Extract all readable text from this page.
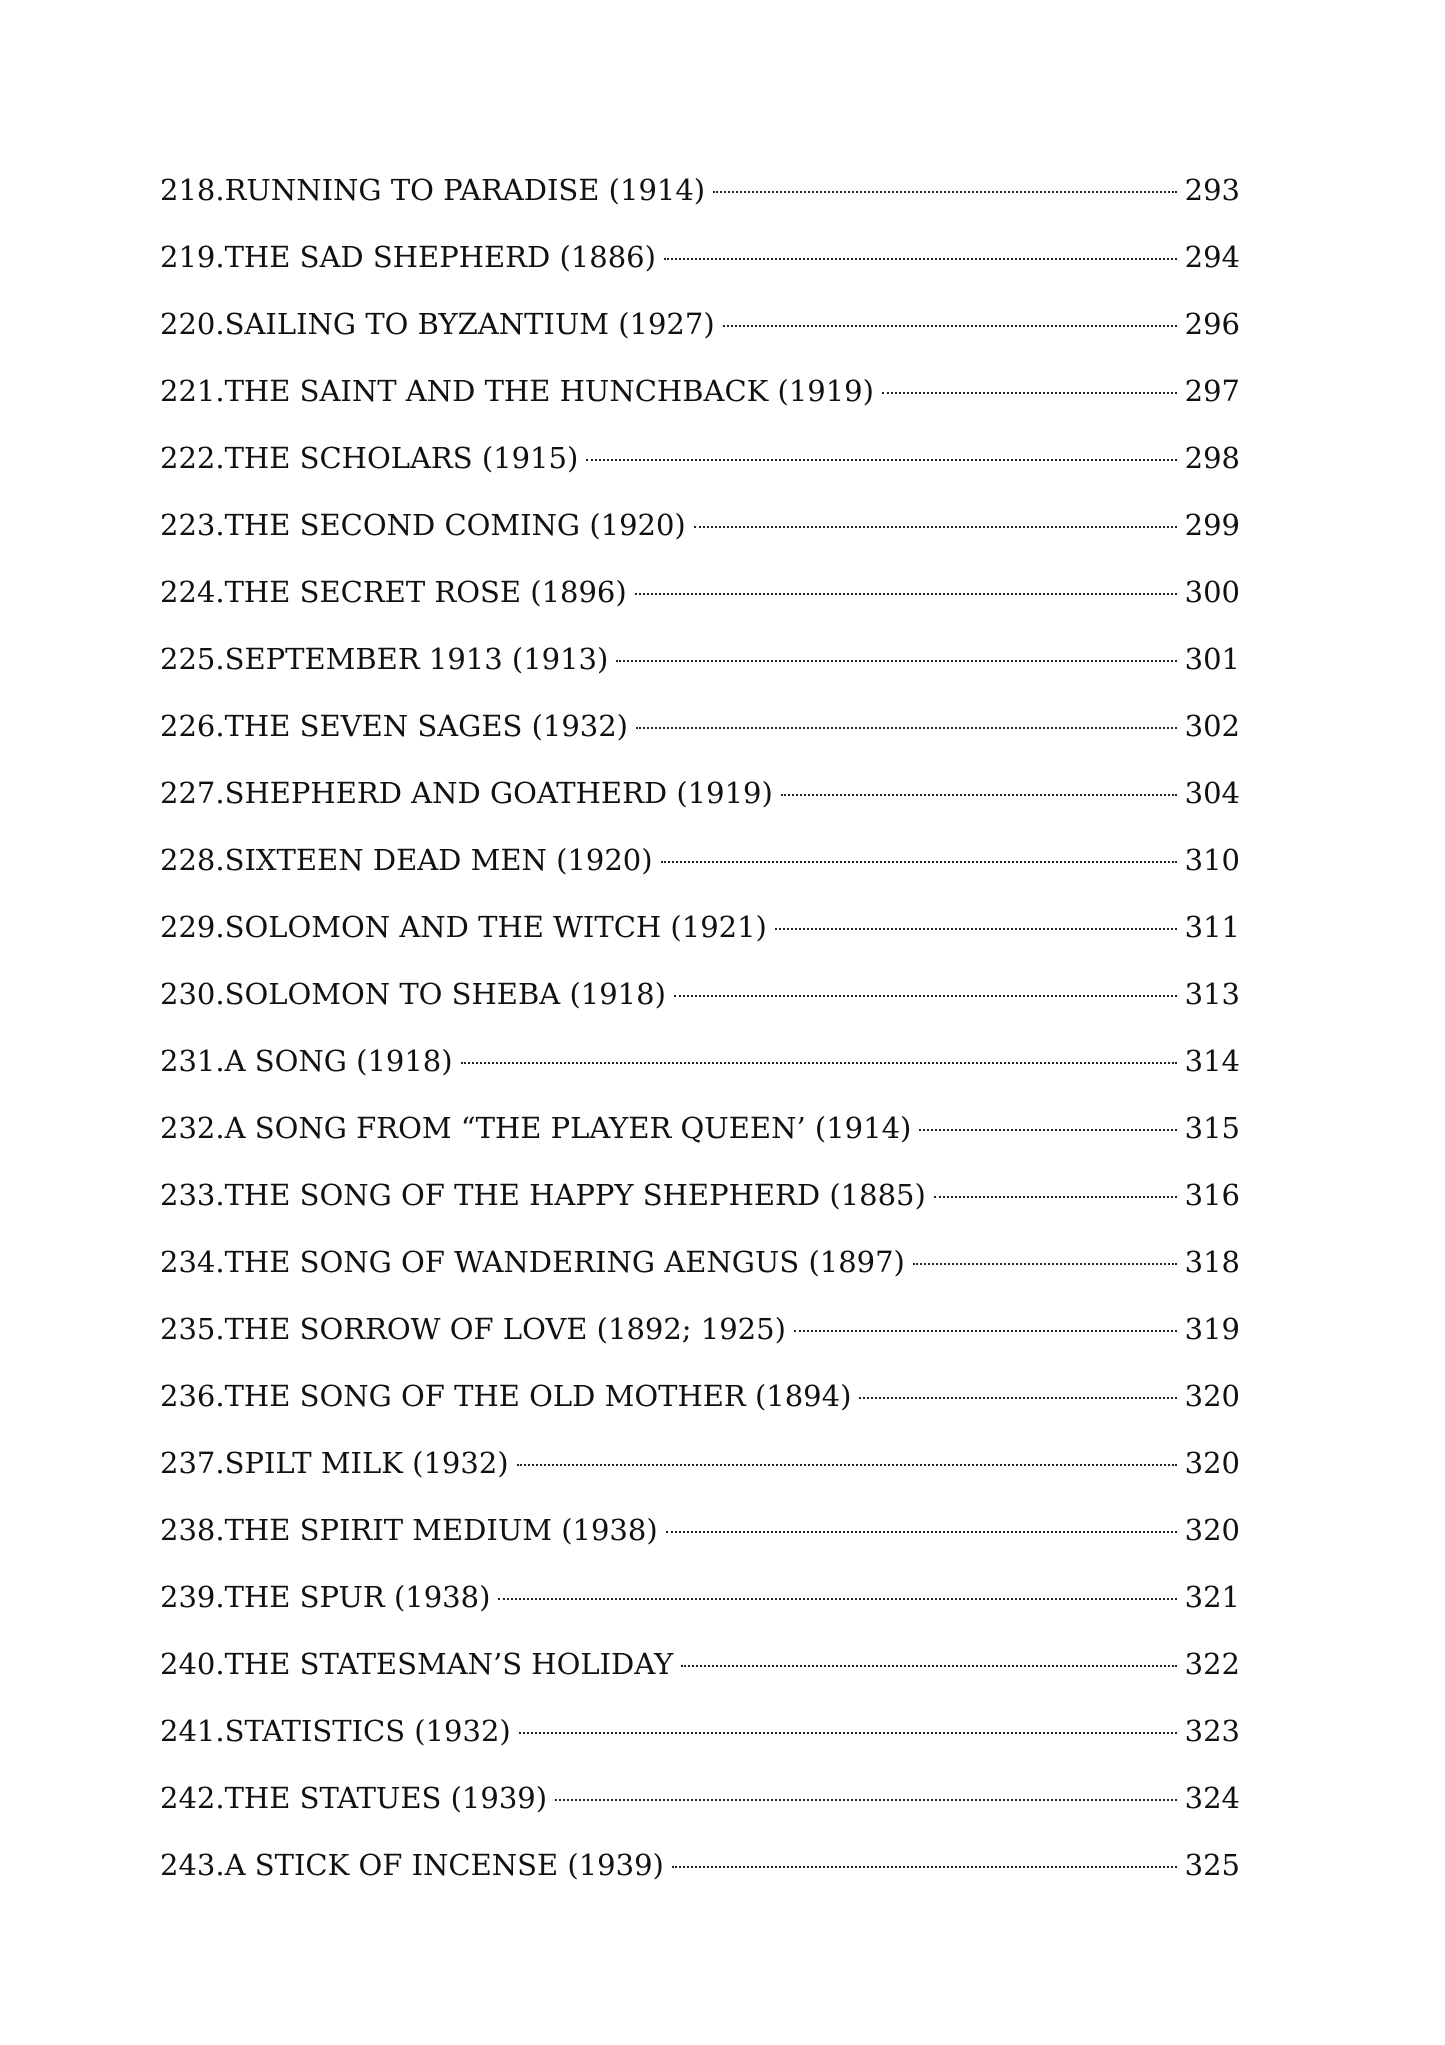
218. RUNNING TO PARADISE (1914)	293
219. THE SAD SHEPHERD (1886)	294
220. SAILING TO BYZANTIUM (1927)	296
221. THE SAINT AND THE HUNCHBACK (1919)	297
222. THE SCHOLARS (1915)	298
223. THE SECOND COMING (1920)	299
224. THE SECRET ROSE (1896)	300
225. SEPTEMBER 1913 (1913)	301
226. THE SEVEN SAGES (1932)	302
227. SHEPHERD AND GOATHERD (1919)	304
228. SIXTEEN DEAD MEN (1920)	310
229. SOLOMON AND THE WITCH (1921)	311
230. SOLOMON TO SHEBA (1918)	313
231. A SONG (1918)	314
232. A SONG FROM “THE PLAYER QUEEN’ (1914)	315
233. THE SONG OF THE HAPPY SHEPHERD (1885)	316
234. THE SONG OF WANDERING AENGUS (1897)	318
235. THE SORROW OF LOVE (1892; 1925)	319
236. THE SONG OF THE OLD MOTHER (1894)	320
237. SPILT MILK (1932)	320
238. THE SPIRIT MEDIUM (1938)	320
239. THE SPUR (1938)	321
240. THE STATESMAN’S HOLIDAY	322
241. STATISTICS (1932)	323
242. THE STATUES (1939)	324
243. A STICK OF INCENSE (1939)	325
